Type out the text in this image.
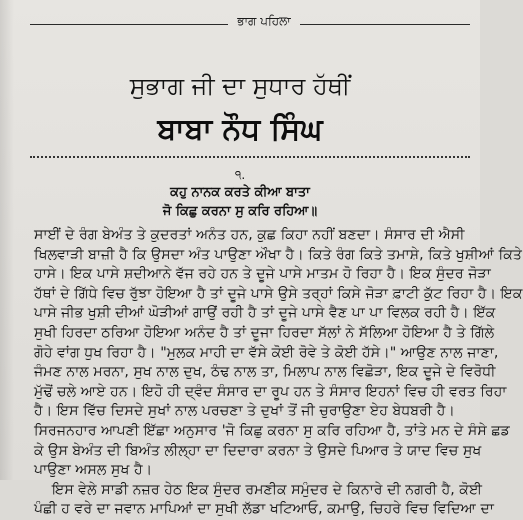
ਭਾਗ ਪਹਿਲਾ
ਸੁਭਾਗ ਜੀ ਦਾ ਸੁਧਾਰ ਹੱਥੀਂ
ਬਾਬਾ ਨੌਧ ਸਿੰਘ
੧.
ਕਹੁ ਨਾਨਕ ਕਰਤੇ ਕੀਆ ਬਾਤਾ
ਜੋ ਕਿਛੁ ਕਰਨਾ ਸੁ ਕਰਿ ਰਹਿਆ॥
ਸਾਈਂ ਦੇ ਰੰਗ ਬੇਅੰਤ ਤੇ ਕੁਦਰਤਾਂ ਅਨੰਤ ਹਨ, ਕੁਛ ਕਿਹਾ ਨਹੀਂ ਬਣਦਾ। ਸੰਸਾਰ ਦੀ ਐਸੀ
ਖਿਲਵਾੜੀ ਬਾਜ਼ੀ ਹੈ ਕਿ ਉਸਦਾ ਅੰਤ ਪਾਉਣਾ ਔਖਾ ਹੈ। ਕਿਤੇ ਰੰਗ ਕਿਤੇ ਤਮਾਸ਼ੇ, ਕਿਤੇ ਖੁਸ਼ੀਆਂ ਕਿਤੇ
ਹਾਸੇ। ਇਕ ਪਾਸੇ ਸ਼ਦੀਆਨੇ ਵੱਜ ਰਹੇ ਹਨ ਤੇ ਦੂਜੇ ਪਾਸੇ ਮਾਤਮ ਹੋ ਰਿਹਾ ਹੈ। ਇਕ ਸੁੰਦਰ ਜੋੜਾ
ਹੱਥਾਂ ਦੇ ਗਿੱਧੇ ਵਿਚ ਰੁੱਝਾ ਹੋਇਆ ਹੈ ਤਾਂ ਦੂਜੇ ਪਾਸੇ ਉਸੇ ਤਰ੍ਹਾਂ ਕਿਸੇ ਜੋੜਾ ਫ਼ਾਟੀ ਕੁੱਟ ਰਿਹਾ ਹੈ। ਇਕ
ਪਾਸੇ ਜੀਭ ਖੁਸ਼ੀ ਦੀਆਂ ਘੋੜੀਆਂ ਗਾਉਂ ਰਹੀ ਹੈ ਤਾਂ ਦੂਜੇ ਪਾਸੇ ਵੈਣ ਪਾ ਪਾ ਵਿਲਕ ਰਹੀ ਹੈ। ਇੱਕ
ਸੁਖੀ ਹਿਰਦਾ ਠਰਿਆ ਹੋਇਆ ਅਨੰਦ ਹੈ ਤਾਂ ਦੂਜਾ ਹਿਰਦਾ ਸੱਲਾਂ ਨੇ ਸੱਲਿਆ ਹੋਇਆ ਹੈ ਤੇ ਗਿੱਲੇ
ਗੋਹੇ ਵਾਂਗ ਧੁਖ ਰਿਹਾ ਹੈ। "ਮੁਲਕ ਮਾਹੀ ਦਾ ਵੱਸੇ ਕੋਈ ਰੋਵੇ ਤੇ ਕੋਈ ਹੱਸੇ।" ਆਉਣ ਨਾਲ ਜਾਣਾ,
ਜੰਮਣ ਨਾਲ ਮਰਨਾ, ਸੁਖ ਨਾਲ ਦੁਖ, ਠੰਢ ਨਾਲ ਤਾ, ਮਿਲਾਪ ਨਾਲ ਵਿਛੋੜਾ, ਇਕ ਦੂਜੇ ਦੇ ਵਿਰੋਧੀ
ਮੁੱਢੋਂ ਚਲੇ ਆਏ ਹਨ। ਇਹੋ ਹੀ ਦ੍ਵੰਦ ਸੰਸਾਰ ਦਾ ਰੂਪ ਹਨ ਤੇ ਸੰਸਾਰ ਇਹਨਾਂ ਵਿਚ ਹੀ ਵਰਤ ਰਿਹਾ
ਹੈ। ਇਸ ਵਿੱਚ ਦਿਸਦੇ ਸੁਖਾਂ ਨਾਲ ਪਰਚਣਾ ਤੇ ਦੁਖਾਂ ਤੋਂ ਜੀ ਚੁਰਾਉਣਾ ਏਹ ਬੇਧਬਰੀ ਹੈ।
ਸਿਰਜਨਹਾਰ ਆਪਣੀ ਇੱਛਾ ਅਨੁਸਾਰ 'ਜੋ ਕਿਛੁ ਕਰਨਾ ਸੁ ਕਰਿ ਰਹਿਆ ਹੈ, ਤਾਂਤੇ ਮਨ ਦੇ ਸੰਸੇ ਛਡ
ਕੇ ਉਸ ਬੇਅੰਤ ਦੀ ਬਿਅੰਤ ਲੀਲ੍ਹਾ ਦਾ ਦਿਦਾਰਾ ਕਰਨਾ ਤੇ ਉਸਦੇ ਪਿਆਰ ਤੇ ਯਾਦ ਵਿਚ ਸੁਖ
ਪਾਉਣਾ ਅਸਲ ਸੁਖ ਹੈ।
ਇਸ ਵੇਲੇ ਸਾਡੀ ਨਜ਼ਰ ਹੇਠ ਇਕ ਸੁੰਦਰ ਰਮਣੀਕ ਸਮੁੰਦਰ ਦੇ ਕਿਨਾਰੇ ਦੀ ਨਗਰੀ ਹੈ, ਕੋਈ
ਪੰਛੀ ਹ ਵਰੇ ਦਾ ਜਵਾਨ ਮਾਪਿਆਂ ਦਾ ਸੁਖੀ ਲੱਡਾ ਖਟਿਆਓ, ਕਮਾਉ, ਚਿਹਰੇ ਵਿਚ ਵਿਦਿਆ ਦਾ
